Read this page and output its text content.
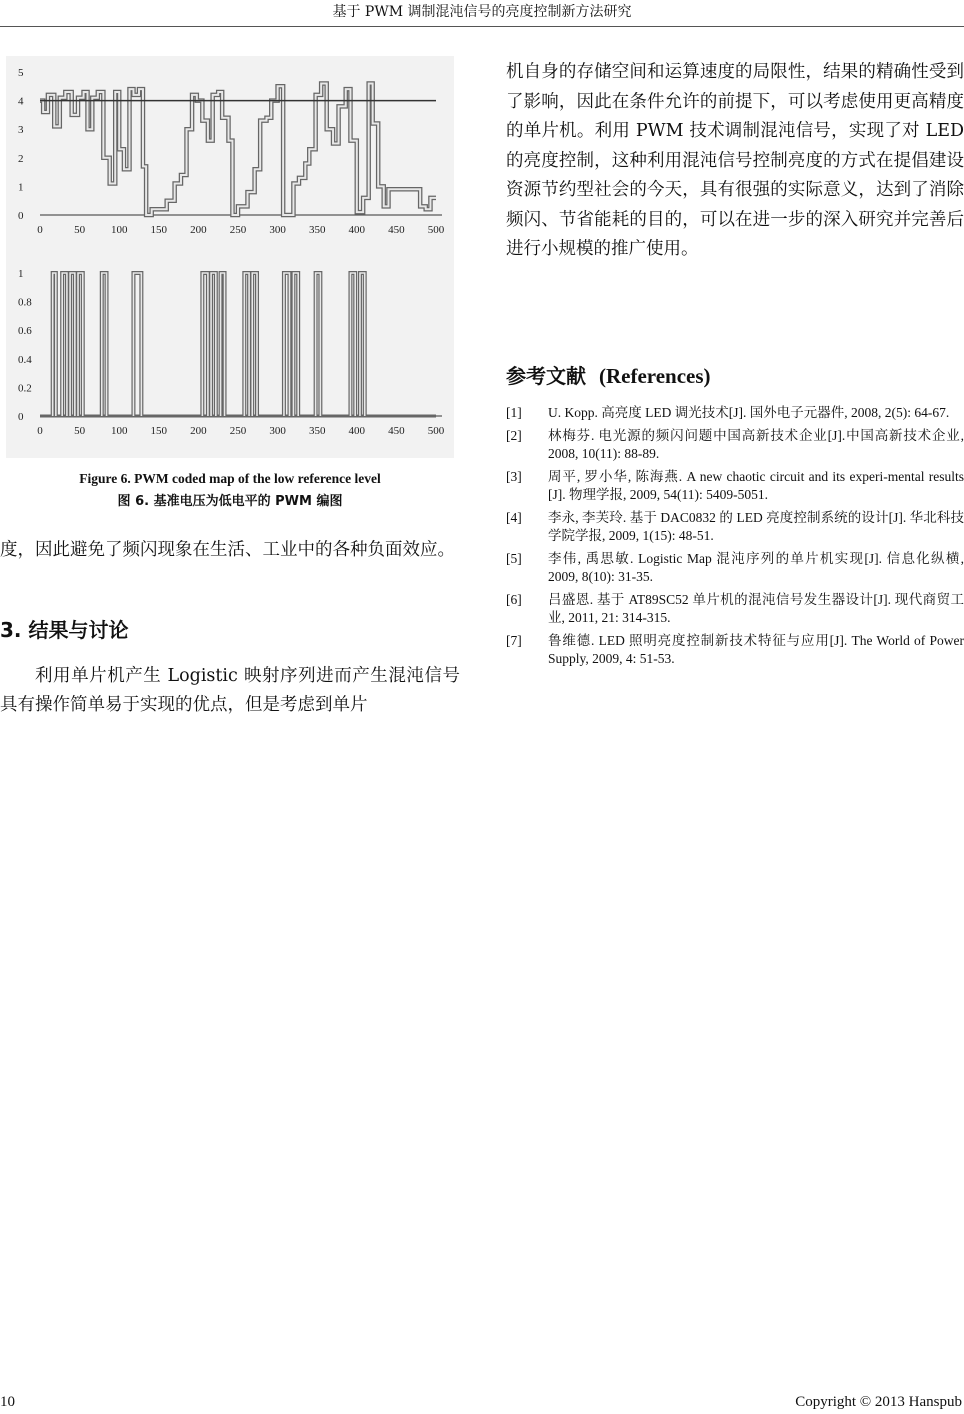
基于 PWM 调制混沌信号的亮度控制新方法研究
0	50 100 150 200 250 300 350 400 450 500
0
1
2
3
4
5
0	50 100 150 200 250 300 350 400 450 500
0
0.2
0.4
0.6
0.8
1
Figure 6. PWM coded map of the low reference level
图 6. 基准电压为低电平的 PWM 编图
度，因此避免了频闪现象在生活、工业中的各种负面效应。
3. 结果与讨论
利用单片机产生 Logistic 映射序列进而产生混沌信号具有操作简单易于实现的优点，但是考虑到单片
机自身的存储空间和运算速度的局限性，结果的精确性受到了影响，因此在条件允许的前提下，可以考虑使用更高精度的单片机。利用 PWM 技术调制混沌信号，实现了对 LED 的亮度控制，这种利用混沌信号控制亮度的方式在提倡建设资源节约型社会的今天，具有很强的实际意义，达到了消除频闪、节省能耗的目的，可以在进一步的深入研究并完善后进行小规模的推广使用。
参考文献 (References)
[1] U. Kopp. 高亮度 LED 调光技术[J]. 国外电子元器件, 2008, 2(5): 64-67.
[2] 林梅芬. 电光源的频闪问题中国高新技术企业[J].中国高新技术企业, 2008, 10(11): 88-89.
[3] 周平, 罗小华, 陈海燕. A new chaotic circuit and its experi-mental results [J]. 物理学报, 2009, 54(11): 5409-5051.
[4] 李永, 李芙玲. 基于 DAC0832 的 LED 亮度控制系统的设计[J]. 华北科技学院学报, 2009, 1(15): 48-51.
[5] 李伟, 禹思敏. Logistic Map 混沌序列的单片机实现[J]. 信息化纵横, 2009, 8(10): 31-35.
[6] 吕盛恩. 基于 AT89SC52 单片机的混沌信号发生器设计[J]. 现代商贸工业, 2011, 21: 314-315.
[7] 鲁维德. LED 照明亮度控制新技术特征与应用[J]. The World of Power Supply, 2009, 4: 51-53.
10	Copyright © 2013 Hanspub
